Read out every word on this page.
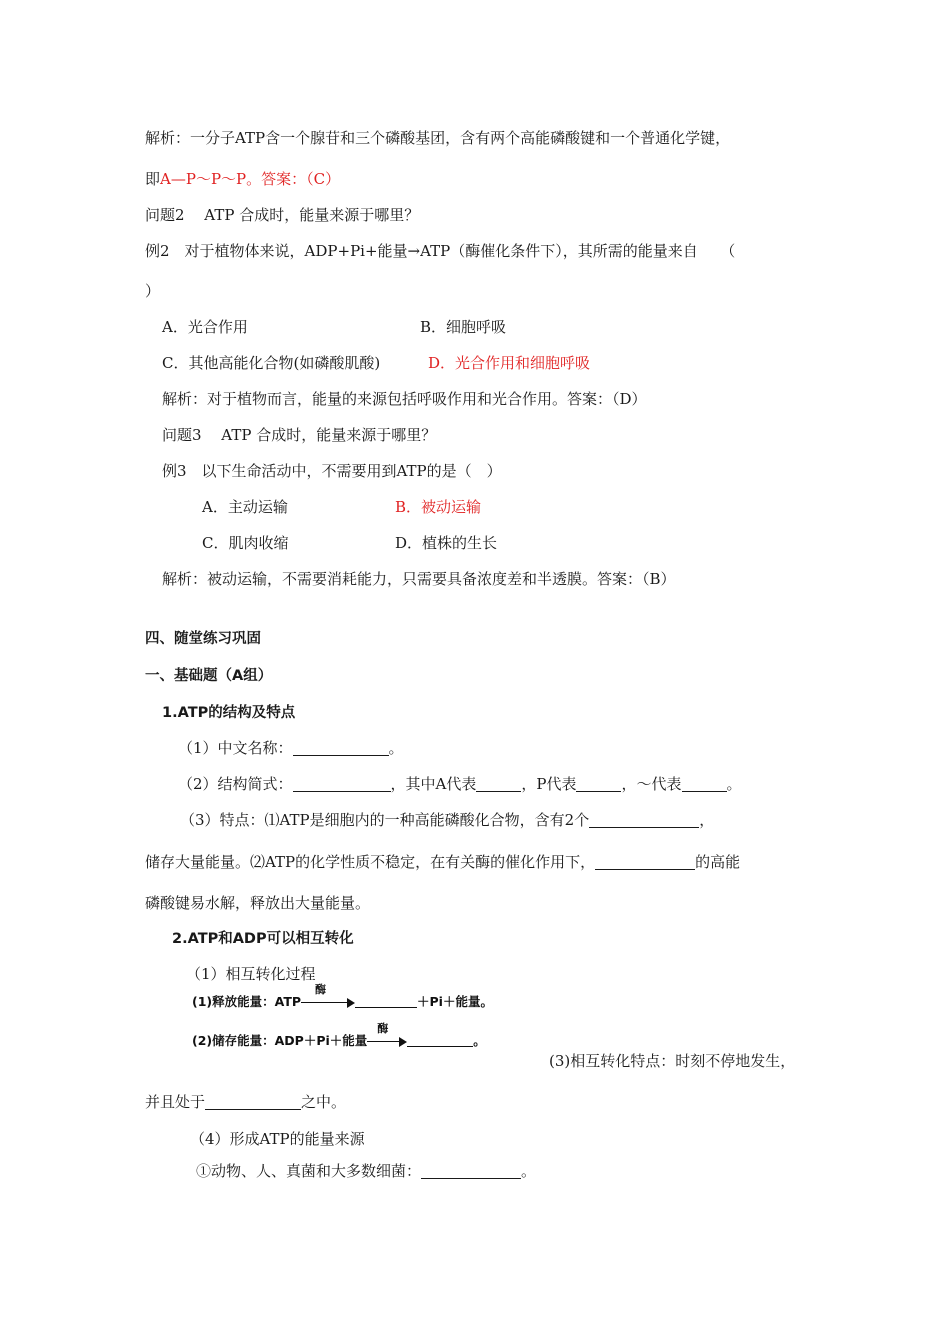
解析：一分子ATP含一个腺苷和三个磷酸基团，含有两个高能磷酸键和一个普通化学键，
即A—P～P～P。答案：（C）
问题2　 ATP 合成时，能量来源于哪里？
例2　对于植物体来说，ADP+Pi+能量→ATP（酶催化条件下），其所需的能量来自　　（
）
A．光合作用	B．细胞呼吸
C．其他高能化合物(如磷酸肌酸)	D．光合作用和细胞呼吸
解析：对于植物而言，能量的来源包括呼吸作用和光合作用。答案：（D）
问题3　 ATP 合成时，能量来源于哪里？
例3　以下生命活动中，不需要用到ATP的是（　）
A．主动运输	B．被动运输
C．肌肉收缩	D．植株的生长
解析：被动运输，不需要消耗能力，只需要具备浓度差和半透膜。答案：（B）
四、随堂练习巩固
一、基础题（A组）
1.ATP的结构及特点
（1）中文名称：	。
（2）结构简式：	，其中A代表	，P代表	，～代表	。
（3）特点：⑴ATP是细胞内的一种高能磷酸化合物，含有2个	，
储存大量能量。⑵ATP的化学性质不稳定，在有关酶的催化作用下，	的高能
磷酸键易水解，释放出大量能量。
2.ATP和ADP可以相互转化
（1）相互转化过程
(1)释放能量：ATP
酶
＋Pi＋能量。
(2)储存能量：ADP＋Pi＋能量
酶
。
(3)相互转化特点：时刻不停地发生，
并且处于	之中。
（4）形成ATP的能量来源
①动物、人、真菌和大多数细菌：	。
